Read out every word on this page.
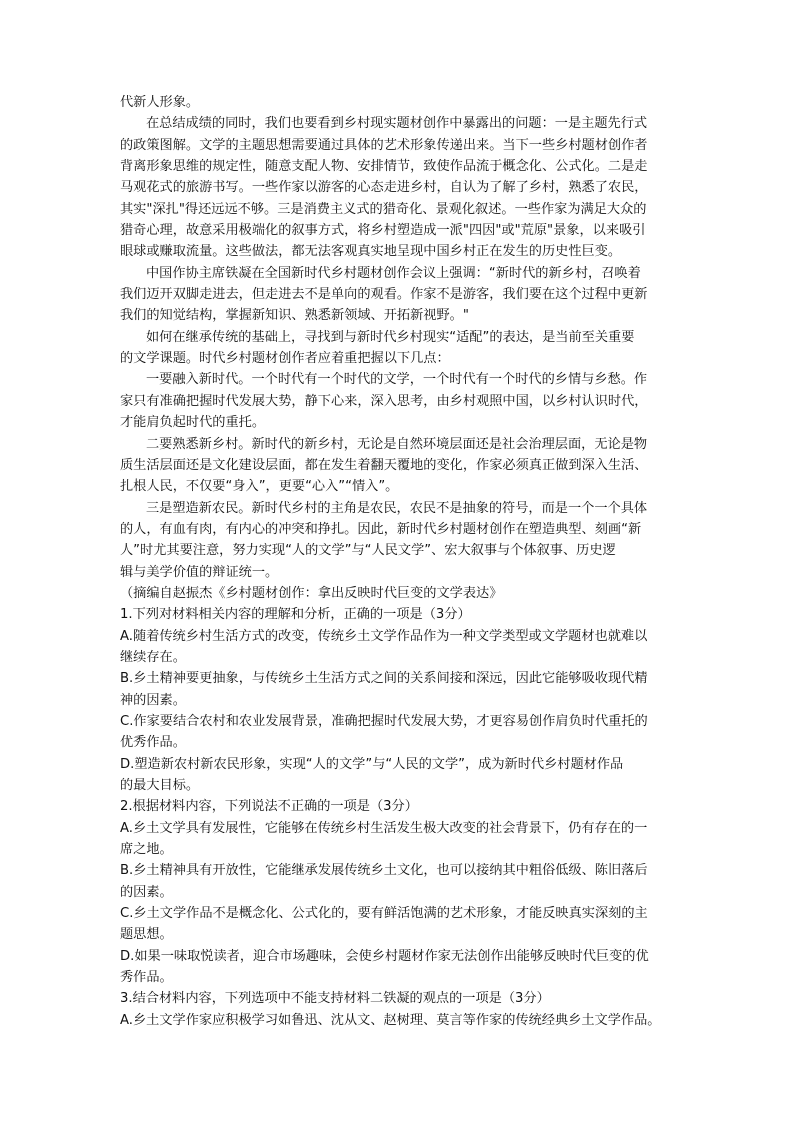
代新人形象。
在总结成绩的同时，我们也要看到乡村现实题材创作中暴露出的问题：一是主题先行式
的政策图解。文学的主题思想需要通过具体的艺术形象传递出来。当下一些乡村题材创作者
背离形象思维的规定性，随意支配人物、安排情节，致使作品流于概念化、公式化。二是走
马观花式的旅游书写。一些作家以游客的心态走进乡村，自认为了解了乡村，熟悉了农民，
其实"深扎"得还远远不够。三是消费主义式的猎奇化、景观化叙述。一些作家为满足大众的
猎奇心理，故意采用极端化的叙事方式，将乡村塑造成一派"四因"或"荒原"景象，以来吸引
眼球或赚取流量。这些做法，都无法客观真实地呈现中国乡村正在发生的历史性巨变。
中国作协主席铁凝在全国新时代乡村题材创作会议上强调：“新时代的新乡村，召唤着
我们迈开双脚走进去，但走进去不是单向的观看。作家不是游客，我们要在这个过程中更新
我们的知觉结构，掌握新知识、熟悉新领域、开拓新视野。"
如何在继承传统的基础上，寻找到与新时代乡村现实“适配”的表达，是当前至关重要
的文学课题。时代乡村题材创作者应着重把握以下几点：
一要融入新时代。一个时代有一个时代的文学，一个时代有一个时代的乡情与乡愁。作
家只有准确把握时代发展大势，静下心来，深入思考，由乡村观照中国，以乡村认识时代，
才能肩负起时代的重托。
二要熟悉新乡村。新时代的新乡村，无论是自然环境层面还是社会治理层面，无论是物
质生活层面还是文化建设层面，都在发生着翻天覆地的变化，作家必须真正做到深入生活、
扎根人民，不仅要“身入”，更要“心入”“情入”。
三是塑造新农民。新时代乡村的主角是农民，农民不是抽象的符号，而是一个一个具体
的人，有血有肉，有内心的冲突和挣扎。因此，新时代乡村题材创作在塑造典型、刻画“新
人”时尤其要注意，努力实现“人的文学”与“人民文学”、宏大叙事与个体叙事、历史逻
辑与美学价值的辩证统一。
（摘编自赵振杰《乡村题材创作：拿出反映时代巨变的文学表达》
1.下列对材料相关内容的理解和分析，正确的一项是（3分）
A.随着传统乡村生活方式的改变，传统乡土文学作品作为一种文学类型或文学题材也就难以
继续存在。
B.乡土精神要更抽象，与传统乡土生活方式之间的关系间接和深远，因此它能够吸收现代精
神的因素。
C.作家要结合农村和农业发展背景，准确把握时代发展大势，才更容易创作肩负时代重托的
优秀作品。
D.塑造新农村新农民形象，实现“人的文学”与“人民的文学”，成为新时代乡村题材作品
的最大目标。
2.根据材料内容，下列说法不正确的一项是（3分）
A.乡土文学具有发展性，它能够在传统乡村生活发生极大改变的社会背景下，仍有存在的一
席之地。
B.乡土精神具有开放性，它能继承发展传统乡土文化，也可以接纳其中粗俗低级、陈旧落后
的因素。
C.乡土文学作品不是概念化、公式化的，要有鲜活饱满的艺术形象，才能反映真实深刻的主
题思想。
D.如果一味取悦读者，迎合市场趣味，会使乡村题材作家无法创作出能够反映时代巨变的优
秀作品。
3.结合材料内容，下列选项中不能支持材料二铁凝的观点的一项是（3分）
A.乡土文学作家应积极学习如鲁迅、沈从文、赵树理、莫言等作家的传统经典乡土文学作品。
